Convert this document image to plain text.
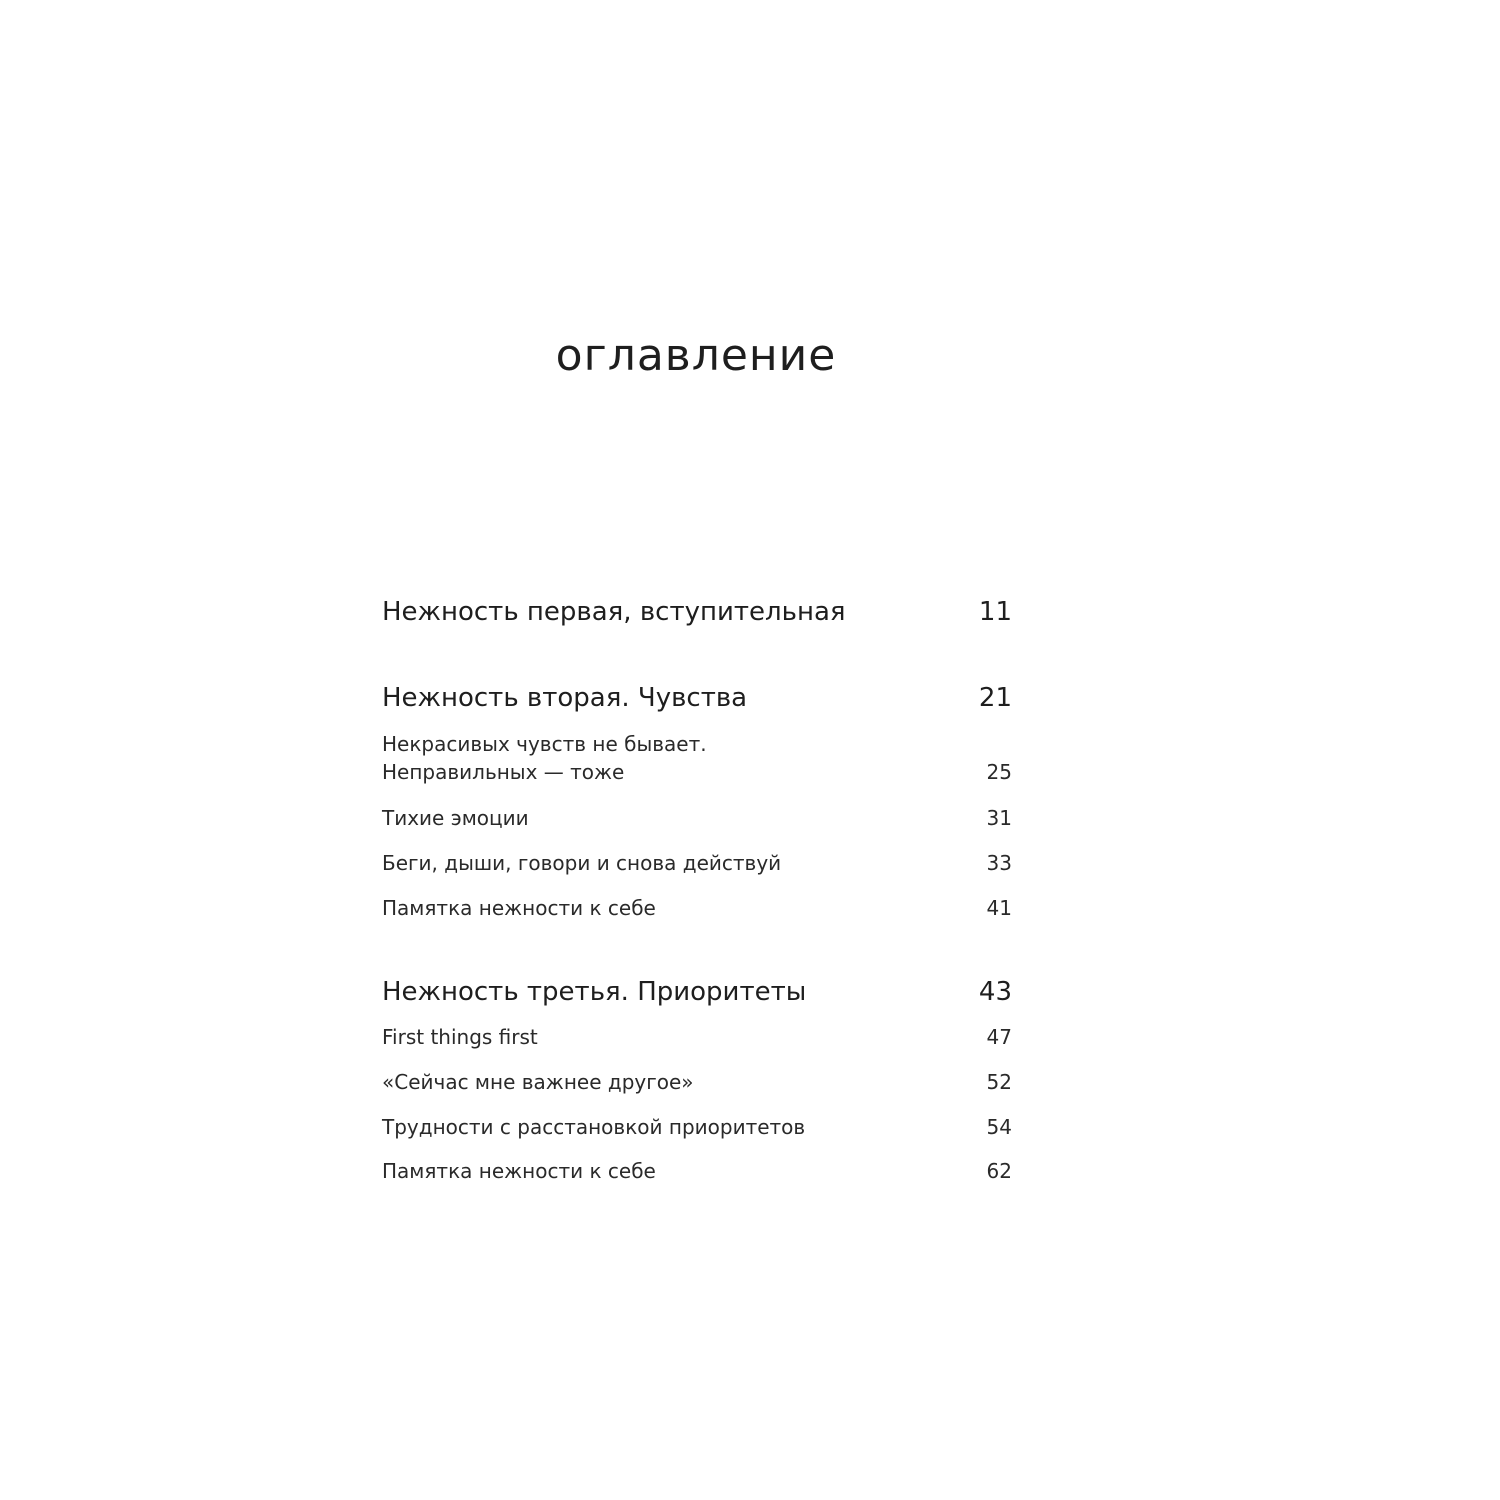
оглавление
Нежность первая, вступительная	11
Нежность вторая. Чувства	21
Некрасивых чувств не бывает.
Неправильных — тоже	25
Тихие эмоции	31
Беги, дыши, говори и снова действуй	33
Памятка нежности к себе	41
Нежность третья. Приоритеты	43
First things first	47
«Сейчас мне важнее другое»	52
Трудности с расстановкой приоритетов	54
Памятка нежности к себе	62
